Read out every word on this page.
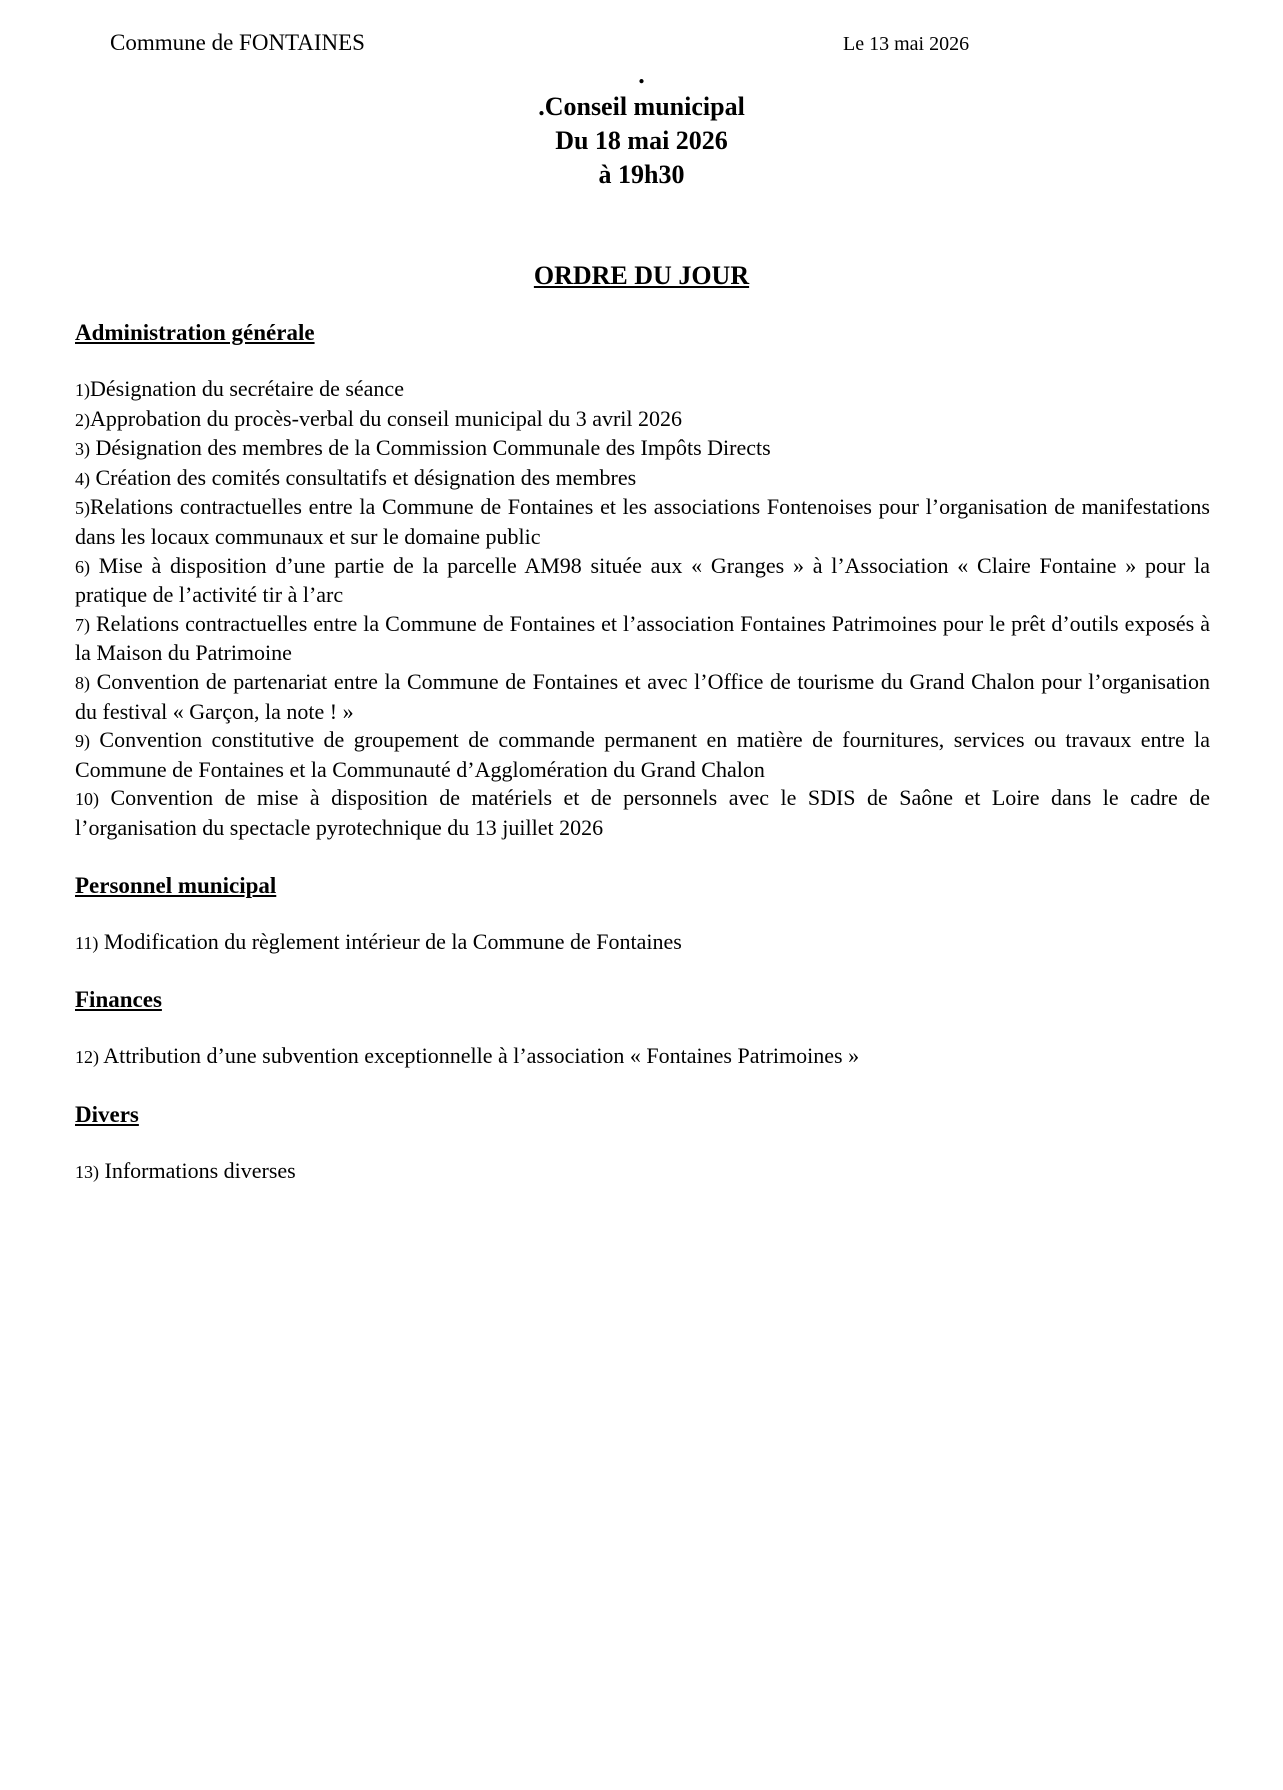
Commune de FONTAINES	Le 13 mai 2026
.
.Conseil municipal
Du 18 mai 2026
à 19h30
ORDRE DU JOUR

Administration générale

1)Désignation du secrétaire de séance

2)Approbation du procès-verbal du conseil municipal du 3 avril 2026

3) Désignation des membres de la Commission Communale des Impôts Directs

4) Création des comités consultatifs et désignation des membres

5)Relations contractuelles entre la Commune de Fontaines et les associations Fontenoises pour l’organisation de manifestations dans les locaux communaux et sur le domaine public

6) Mise à disposition d’une partie de la parcelle AM98 située aux « Granges » à l’Association « Claire Fontaine » pour la pratique de l’activité tir à l’arc

7) Relations contractuelles entre la Commune de Fontaines et l’association Fontaines Patrimoines pour le prêt d’outils exposés à la Maison du Patrimoine

8) Convention de partenariat entre la Commune de Fontaines et avec l’Office de tourisme du Grand Chalon pour l’organisation du festival « Garçon, la note ! »

9) Convention constitutive de groupement de commande permanent en matière de fournitures, services ou travaux entre la Commune de Fontaines et la Communauté d’Agglomération du Grand Chalon

10) Convention de mise à disposition de matériels et de personnels avec le SDIS de Saône et Loire dans le cadre de l’organisation du spectacle pyrotechnique du 13 juillet 2026

Personnel municipal

11) Modification du règlement intérieur de la Commune de Fontaines

Finances

12) Attribution d’une subvention exceptionnelle à l’association « Fontaines Patrimoines »

Divers

13) Informations diverses
